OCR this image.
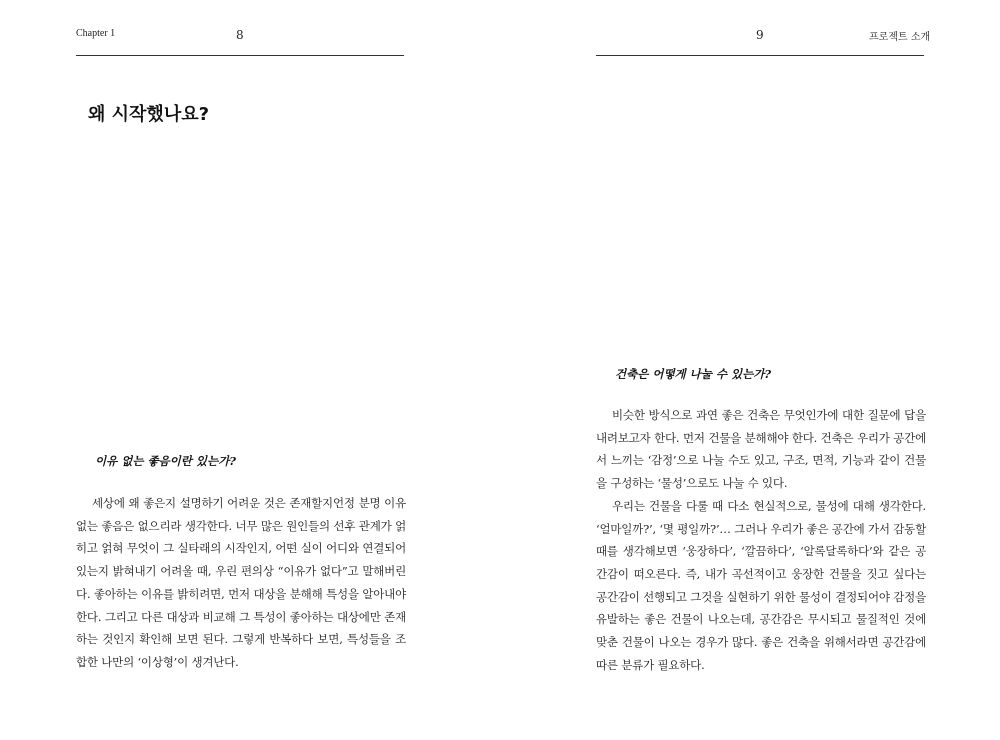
Chapter 1	8
왜 시작했나요?
이유 없는 좋음이란 있는가?

세상에 왜 좋은지 설명하기 어려운 것은 존재할지언정 분명 이유 없는 좋음은 없으리라 생각한다. 너무 많은 원인들의 선후 관계가 얽히고 얽혀 무엇이 그 실타래의 시작인지, 어떤 실이 어디와 연결되어 있는지 밝혀내기 어려울 때, 우린 편의상 “이유가 없다”고 말해버린다. 좋아하는 이유를 밝히려면, 먼저 대상을 분해해 특성을 알아내야 한다. 그리고 다른 대상과 비교해 그 특성이 좋아하는 대상에만 존재하는 것인지 확인해 보면 된다. 그렇게 반복하다 보면, 특성들을 조합한 나만의 ‘이상형’이 생겨난다.

9	프로젝트 소개
건축은 어떻게 나눌 수 있는가?

비슷한 방식으로 과연 좋은 건축은 무엇인가에 대한 질문에 답을 내려보고자 한다. 먼저 건물을 분해해야 한다. 건축은 우리가 공간에서 느끼는 ‘감정’으로 나눌 수도 있고, 구조, 면적, 기능과 같이 건물을 구성하는 ‘물성’으로도 나눌 수 있다.

우리는 건물을 다룰 때 다소 현실적으로, 물성에 대해 생각한다. ‘얼마일까?’, ‘몇 평일까?’… 그러나 우리가 좋은 공간에 가서 감동할 때를 생각해보면 ‘웅장하다’, ‘깔끔하다’, ‘알록달록하다’와 같은 공간감이 떠오른다. 즉, 내가 곡선적이고 웅장한 건물을 짓고 싶다는 공간감이 선행되고 그것을 실현하기 위한 물성이 결정되어야 감정을 유발하는 좋은 건물이 나오는데, 공간감은 무시되고 물질적인 것에 맞춘 건물이 나오는 경우가 많다. 좋은 건축을 위해서라면 공간감에 따른 분류가 필요하다.
